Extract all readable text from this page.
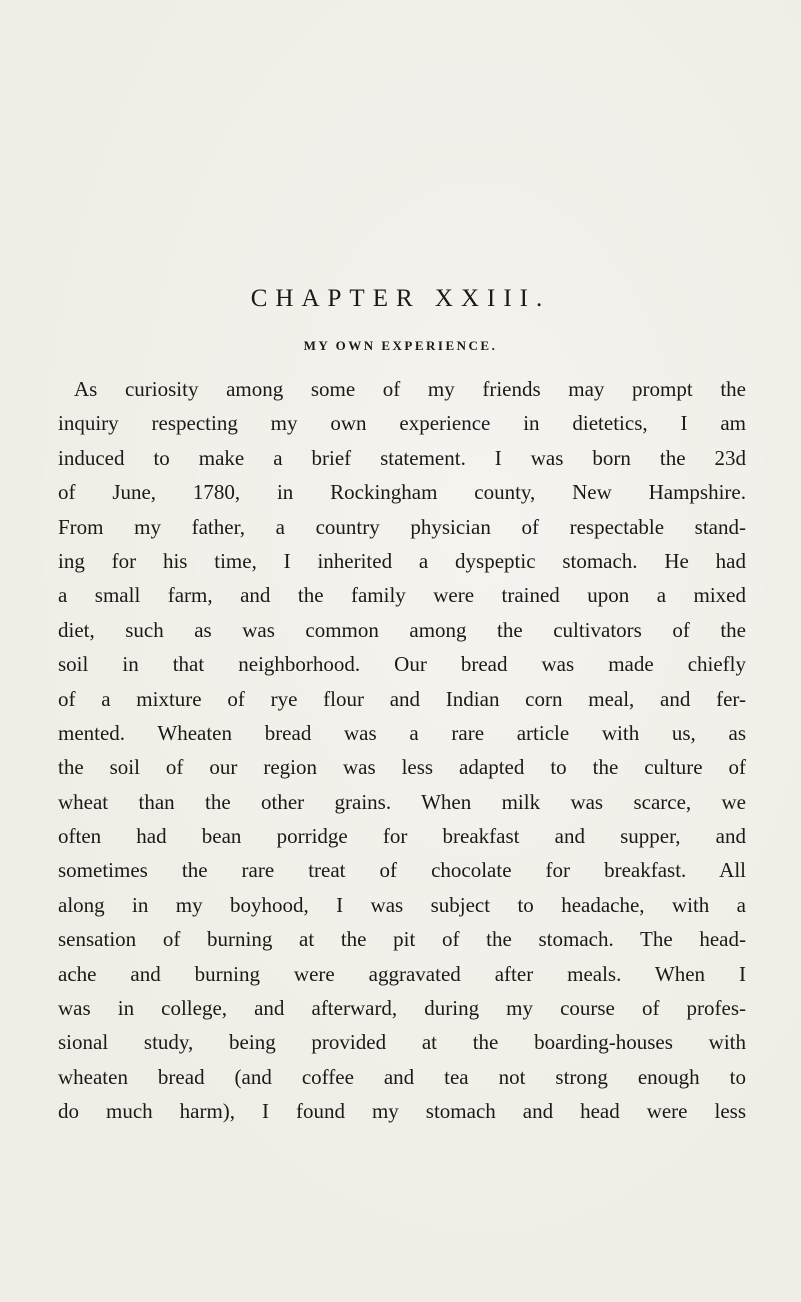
CHAPTER XXIII.
MY OWN EXPERIENCE.
As curiosity among some of my friends may prompt the
inquiry respecting my own experience in dietetics, I am
induced to make a brief statement. I was born the 23d
of June, 1780, in Rockingham county, New Hampshire.
From my father, a country physician of respectable stand-
ing for his time, I inherited a dyspeptic stomach. He had
a small farm, and the family were trained upon a mixed
diet, such as was common among the cultivators of the
soil in that neighborhood. Our bread was made chiefly
of a mixture of rye flour and Indian corn meal, and fer-
mented. Wheaten bread was a rare article with us, as
the soil of our region was less adapted to the culture of
wheat than the other grains. When milk was scarce, we
often had bean porridge for breakfast and supper, and
sometimes the rare treat of chocolate for breakfast. All
along in my boyhood, I was subject to headache, with a
sensation of burning at the pit of the stomach. The head-
ache and burning were aggravated after meals. When I
was in college, and afterward, during my course of profes-
sional study, being provided at the boarding-houses with
wheaten bread (and coffee and tea not strong enough to
do much harm), I found my stomach and head were less
